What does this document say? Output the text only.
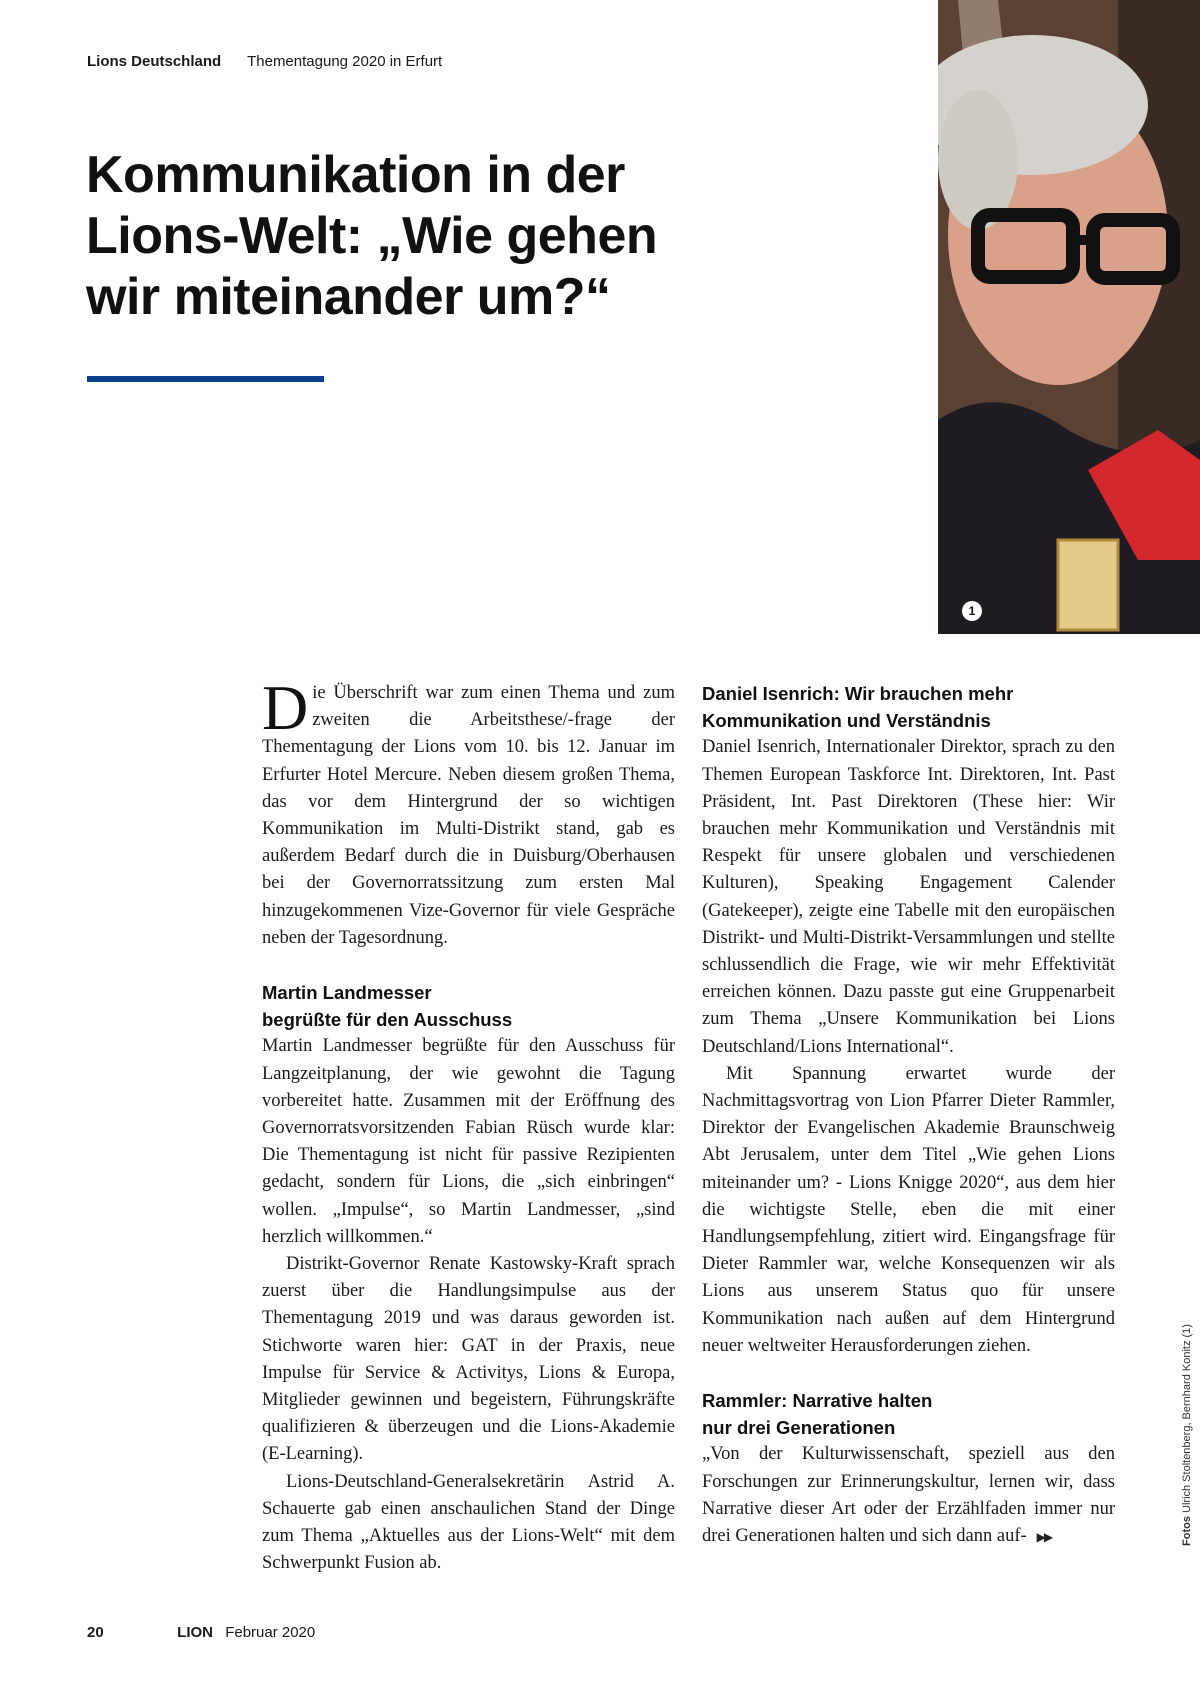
Lions Deutschland Thementagung 2020 in Erfurt
Kommunikation in der Lions-Welt: „Wie gehen wir miteinander um?“
1

Die Überschrift war zum einen Thema und zum zweiten die Arbeitsthese/-frage der Thementagung der Lions vom 10. bis 12. Januar im Erfurter Hotel Mercure. Neben diesem großen Thema, das vor dem Hintergrund der so wichtigen Kommunikation im Multi-Distrikt stand, gab es außerdem Bedarf durch die in Duisburg/Oberhausen bei der Governorratssitzung zum ersten Mal hinzugekommenen Vize-Governor für viele Gespräche neben der Tagesordnung.

Martin Landmesser
begrüßte für den Ausschuss

Martin Landmesser begrüßte für den Ausschuss für Langzeitplanung, der wie gewohnt die Tagung vorbereitet hatte. Zusammen mit der Eröffnung des Governorratsvorsitzenden Fabian Rüsch wurde klar: Die Thementagung ist nicht für passive Rezipienten gedacht, sondern für Lions, die „sich einbringen“ wollen. „Impulse“, so Martin Landmesser, „sind herzlich willkommen.“

Distrikt-Governor Renate Kastowsky-Kraft sprach zuerst über die Handlungsimpulse aus der Thementagung 2019 und was daraus geworden ist. Stichworte waren hier: GAT in der Praxis, neue Impulse für Service & Activitys, Lions & Europa, Mitglieder gewinnen und begeistern, Führungskräfte qualifizieren & überzeugen und die Lions-Akademie (E-Learning).

Lions-Deutschland-Generalsekretärin Astrid A. Schauerte gab einen anschaulichen Stand der Dinge zum Thema „Aktuelles aus der Lions-Welt“ mit dem Schwerpunkt Fusion ab.

Daniel Isenrich: Wir brauchen mehr
Kommunikation und Verständnis

Daniel Isenrich, Internationaler Direktor, sprach zu den Themen European Taskforce Int. Direktoren, Int. Past Präsident, Int. Past Direktoren (These hier: Wir brauchen mehr Kommunikation und Verständnis mit Respekt für unsere globalen und verschiedenen Kulturen), Speaking Engagement Calender (Gatekeeper), zeigte eine Tabelle mit den europäischen Distrikt- und Multi-Distrikt-Versammlungen und stellte schlussendlich die Frage, wie wir mehr Effektivität erreichen können. Dazu passte gut eine Gruppenarbeit zum Thema „Unsere Kommunikation bei Lions Deutschland/Lions International“.

Mit Spannung erwartet wurde der Nachmittagsvortrag von Lion Pfarrer Dieter Rammler, Direktor der Evangelischen Akademie Braunschweig Abt Jerusalem, unter dem Titel „Wie gehen Lions miteinander um? - Lions Knigge 2020“, aus dem hier die wichtigste Stelle, eben die mit einer Handlungsempfehlung, zitiert wird. Eingangsfrage für Dieter Rammler war, welche Konsequenzen wir als Lions aus unserem Status quo für unsere Kommunikation nach außen auf dem Hintergrund neuer weltweiter Herausforderungen ziehen.

Rammler: Narrative halten
nur drei Generationen

„Von der Kulturwissenschaft, speziell aus den Forschungen zur Erinnerungskultur, lernen wir, dass Narrative dieser Art oder der Erzählfaden immer nur drei Generationen halten und sich dann auf- ▶▶	Fotos Ulrich Stoltenberg, Bernhard Konitz (1)
20	LION Februar 2020
